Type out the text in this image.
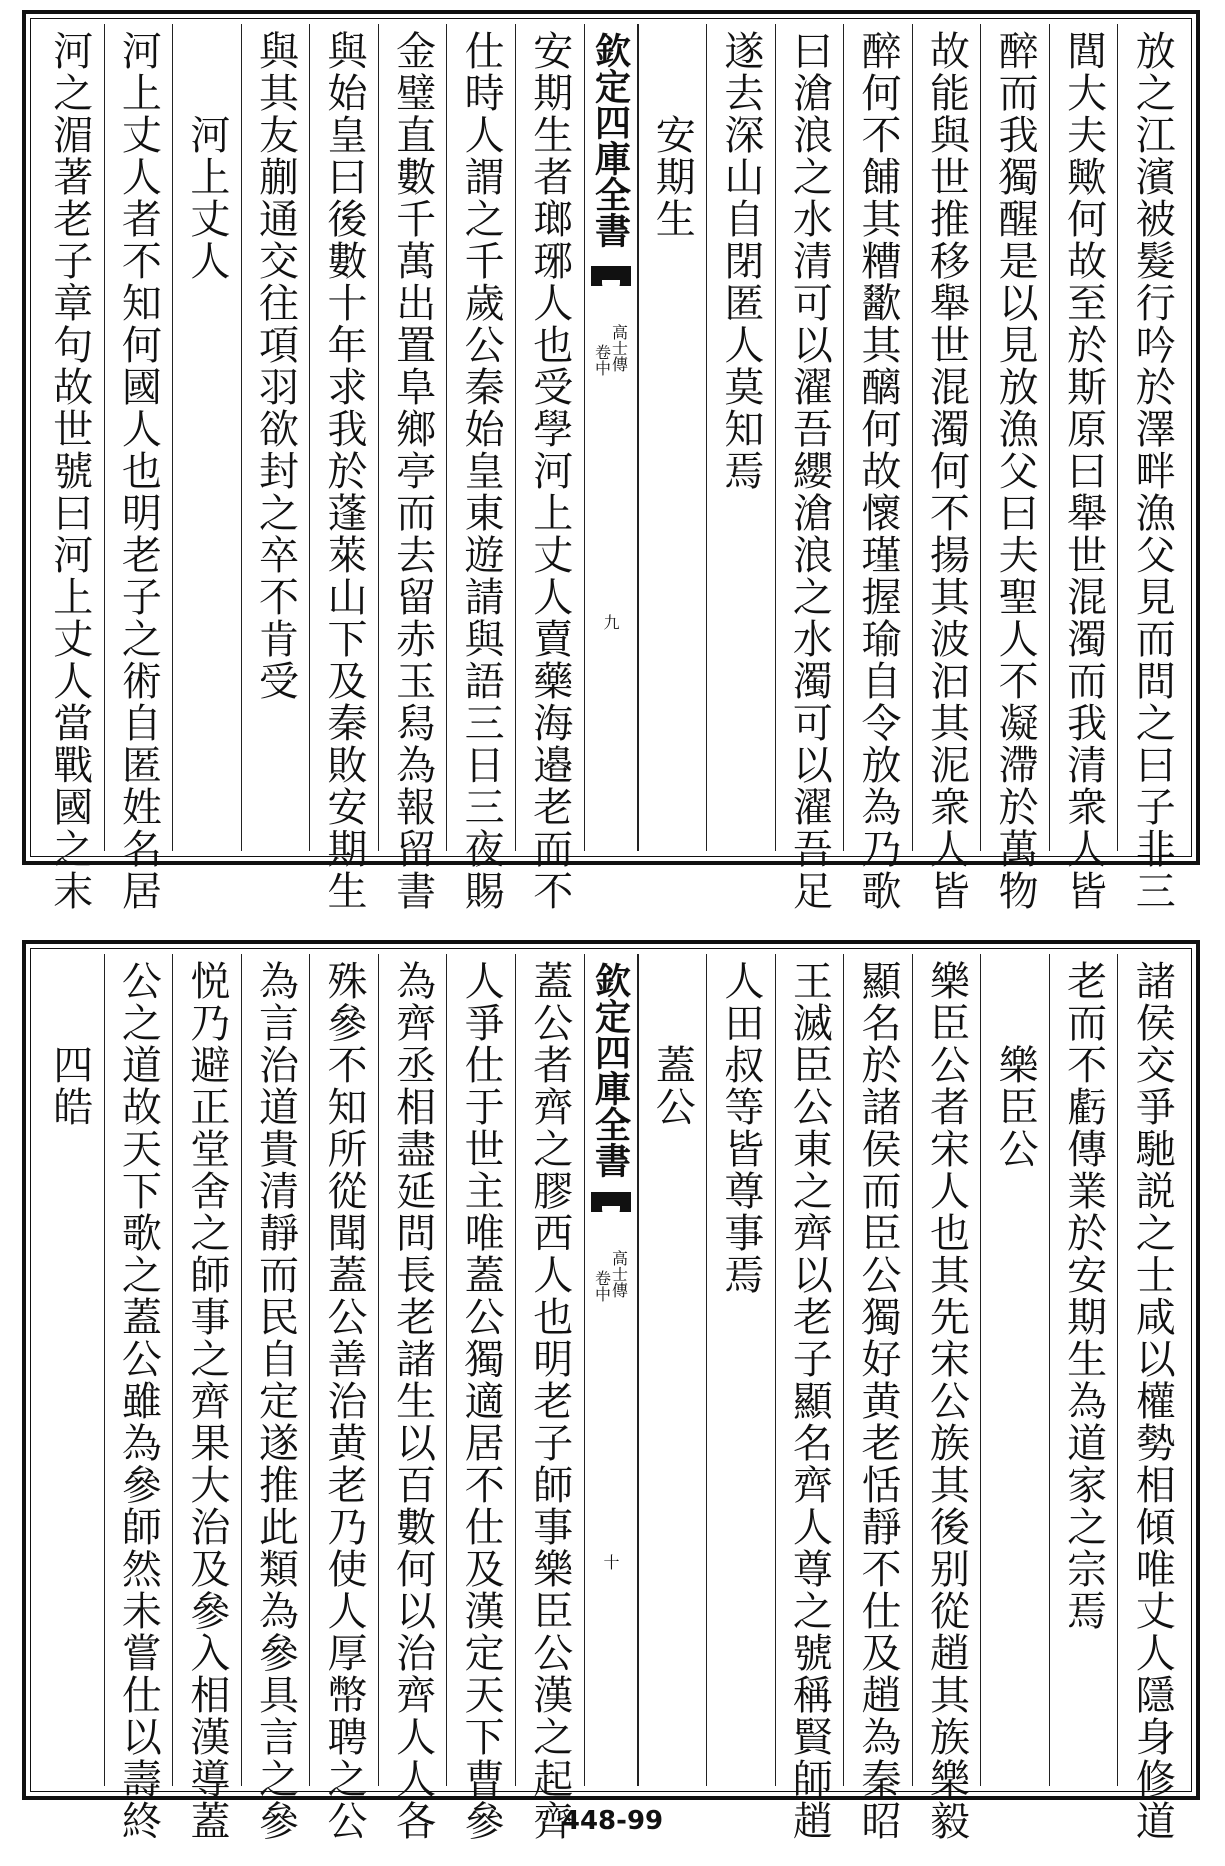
放之江濱被髮行吟於澤畔漁父見而問之曰子非三
閭大夫歟何故至於斯原曰舉世混濁而我清衆人皆
醉而我獨醒是以見放漁父曰夫聖人不凝滯於萬物
故能與世推移舉世混濁何不揚其波汩其泥衆人皆
醉何不餔其糟歠其醨何故懷瑾握瑜自令放為乃歌
曰滄浪之水清可以濯吾纓滄浪之水濁可以濯吾足
遂去深山自閉匿人莫知焉
安期生
欽定四庫全書
高士傳
卷中
九
安期生者瑯琊人也受學河上丈人賣藥海邉老而不
仕時人謂之千歲公秦始皇東遊請與語三日三夜賜
金璧直數千萬出置阜鄉亭而去留赤玉舄為報留書
與始皇曰後數十年求我於蓬萊山下及秦敗安期生
與其友蒯通交往項羽欲封之卒不肯受
河上丈人
河上丈人者不知何國人也明老子之術自匿姓名居
河之湄著老子章句故世號曰河上丈人當戰國之末
諸侯交爭馳説之士咸以權勢相傾唯丈人隱身修道
老而不虧傳業於安期生為道家之宗焉
樂臣公
樂臣公者宋人也其先宋公族其後别從趙其族樂毅
顯名於諸侯而臣公獨好黄老恬靜不仕及趙為秦昭
王滅臣公東之齊以老子顯名齊人尊之號稱賢師趙
人田叔等皆尊事焉
蓋公
欽定四庫全書
高士傳
卷中
十
蓋公者齊之膠西人也明老子師事樂臣公漢之起齊
人爭仕于世主唯蓋公獨適居不仕及漢定天下曹參
為齊丞相盡延問長老諸生以百數何以治齊人人各
殊參不知所從聞蓋公善治黄老乃使人厚幣聘之公
為言治道貴清靜而民自定遂推此類為參具言之參
悦乃避正堂舍之師事之齊果大治及參入相漢導蓋
公之道故天下歌之蓋公雖為參師然未嘗仕以壽終
四皓
448-99
